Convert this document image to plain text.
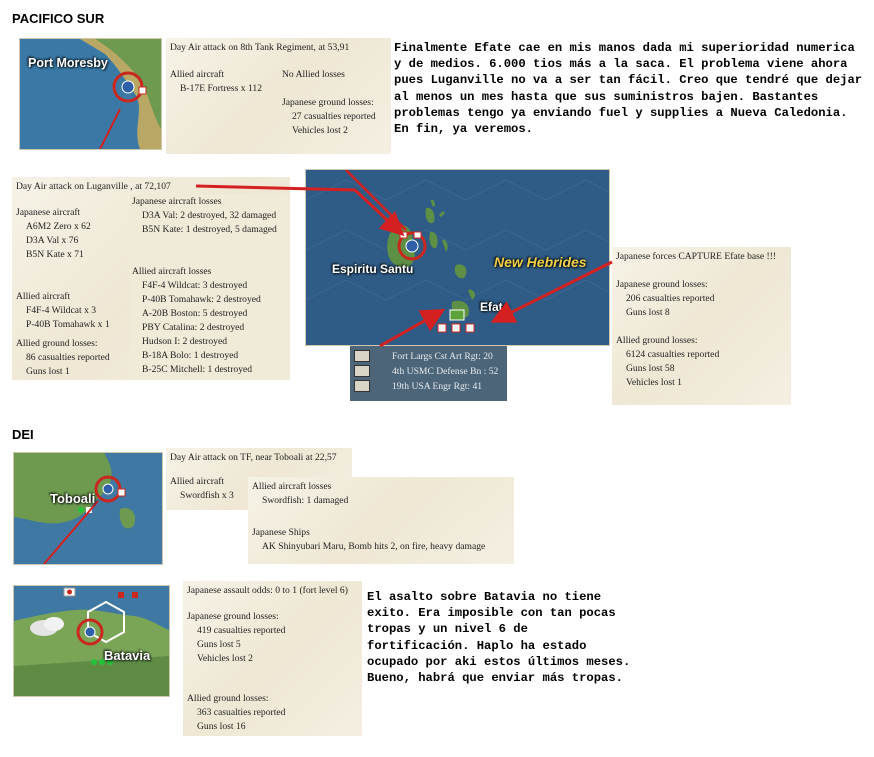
PACIFICO SUR
DEI
Port Moresby
Day Air attack on 8th Tank Regiment, at 53,91
Allied aircraft
B-17E Fortress x 112
No Allied losses
Japanese ground losses:
27 casualties reported
Vehicles lost 2
Finalmente Efate cae en mis manos dada mi superioridad numerica y de medios. 6.000 tios más a la saca. El problema viene ahora pues Luganville no va a ser tan fácil. Creo que tendré que dejar al menos un mes hasta que sus suministros bajen. Bastantes problemas tengo ya enviando fuel y supplies a Nueva Caledonia. En fin, ya veremos.
Day Air attack on Luganville , at 72,107
Japanese aircraft
A6M2 Zero x 62
D3A Val x 76
B5N Kate x 71
Allied aircraft
F4F-4 Wildcat x 3
P-40B Tomahawk x 1
Allied ground losses:
86 casualties reported
Guns lost 1
Japanese aircraft losses
D3A Val: 2 destroyed, 32 damaged
B5N Kate: 1 destroyed, 5 damaged
Allied aircraft losses
F4F-4 Wildcat: 3 destroyed
P-40B Tomahawk: 2 destroyed
A-20B Boston: 5 destroyed
PBY Catalina: 2 destroyed
Hudson I: 2 destroyed
B-18A Bolo: 1 destroyed
B-25C Mitchell: 1 destroyed
Espiritu Santu	New Hebrides
Efate
Fort Largs Cst Art Rgt: 20
4th USMC Defense Bn : 52
19th USA Engr Rgt: 41
Japanese forces CAPTURE Efate base !!!
Japanese ground losses:
206 casualties reported
Guns lost 8
Allied ground losses:
6124 casualties reported
Guns lost 58
Vehicles lost 1
Toboali
Day Air attack on TF, near Toboali at 22,57
Allied aircraft
Swordfish x 3
Allied aircraft losses
Swordfish: 1 damaged
Japanese Ships
AK Shinyubari Maru, Bomb hits 2, on fire, heavy damage
Batavia
Japanese assault odds: 0 to 1 (fort level 6)
Japanese ground losses:
419 casualties reported
Guns lost 5
Vehicles lost 2
Allied ground losses:
363 casualties reported
Guns lost 16
El asalto sobre Batavia no tiene exito. Era imposible con tan pocas tropas y un nivel 6 de fortificación. Haplo ha estado ocupado por aki estos últimos meses. Bueno, habrá que enviar más tropas.
